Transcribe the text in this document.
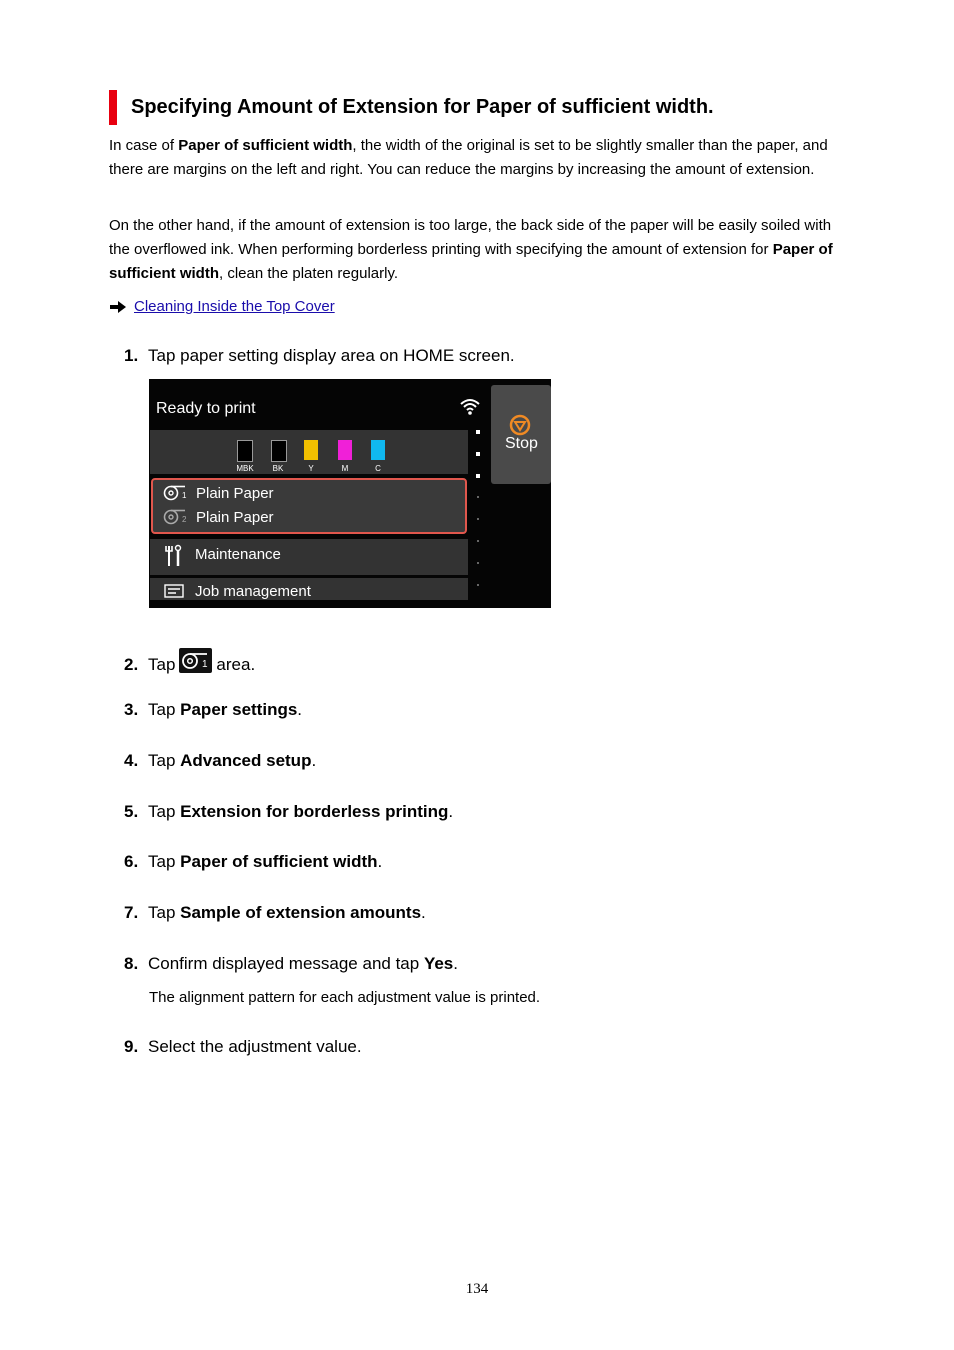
Specifying Amount of Extension for Paper of sufficient width.
In case of Paper of sufficient width, the width of the original is set to be slightly smaller than the paper, and there are margins on the left and right. You can reduce the margins by increasing the amount of extension.
On the other hand, if the amount of extension is too large, the back side of the paper will be easily soiled with the overflowed ink. When performing borderless printing with specifying the amount of extension for Paper of sufficient width, clean the platen regularly.
Cleaning Inside the Top Cover
1. Tap paper setting display area on HOME screen.
Ready to print
Stop
MBK	BK	Y	M	C
1 Plain Paper
2 Plain Paper
Maintenance
Job management
2. Tap	1 area.
3. Tap Paper settings.
4. Tap Advanced setup.
5. Tap Extension for borderless printing.
6. Tap Paper of sufficient width.
7. Tap Sample of extension amounts.
8. Confirm displayed message and tap Yes.
The alignment pattern for each adjustment value is printed.
9. Select the adjustment value.
134
